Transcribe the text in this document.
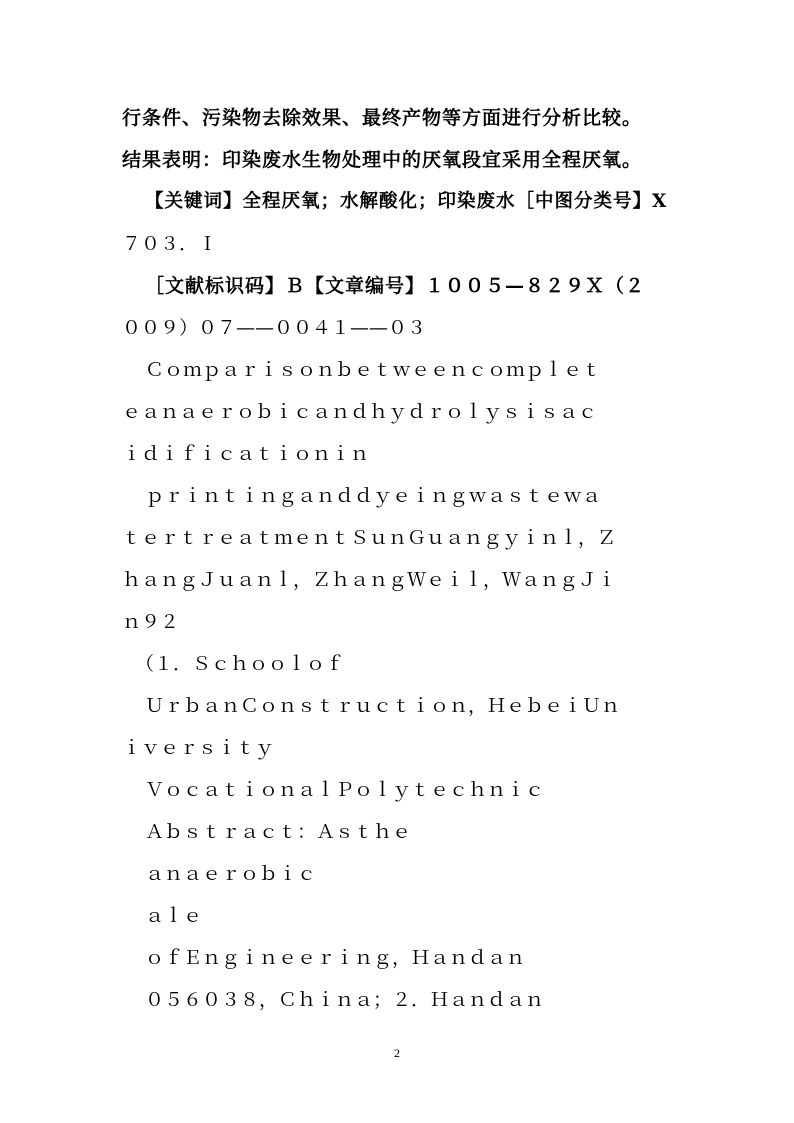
行条件、污染物去除效果、最终产物等方面进行分析比较。
结果表明：印染废水生物处理中的厌氧段宜采用全程厌氧。
【关键词】全程厌氧；水解酸化；印染废水［中图分类号】X
７０３．Ｉ
［文献标识码】Ｂ【文章编号】１００５—８２９Ｘ（２
００９）０７——００４１——０３
Ｃｏｍｐａｒｉｓｏｎｂｅｔｗｅｅｎｃｏｍｐｌｅｔ
ｅａｎａｅｒｏｂｉｃａｎｄｈｙｄｒｏｌｙｓｉｓａｃ
ｉｄｉｆｉｃａｔｉｏｎｉｎ
ｐｒｉｎｔｉｎｇａｎｄｄｙｅｉｎｇｗａｓｔｅｗａ
ｔｅｒｔｒｅａｔｍｅｎｔＳｕｎＧｕａｎｇｙｉｎｌ，Ｚ
ｈａｎｇＪｕａｎｌ，ＺｈａｎｇＷｅｉｌ，ＷａｎｇＪｉ
ｎ９２
（１．Ｓｃｈｏｏｌｏｆ
ＵｒｂａｎＣｏｎｓｔｒｕｃｔｉｏｎ，ＨｅｂｅｉＵｎ
ｉｖｅｒｓｉｔｙ
ＶｏｃａｔｉｏｎａｌＰｏｌｙｔｅｃｈｎｉｃ
Ａｂｓｔｒａｃｔ：Ａｓｔｈｅ
ａｎａｅｒｏｂｉｃ
ａｌｅ
ｏｆＥｎｇｉｎｅｅｒｉｎｇ，Ｈａｎｄａｎ
０５６０３８，Ｃｈｉｎａ；２．Ｈａｎｄａｎ
2
